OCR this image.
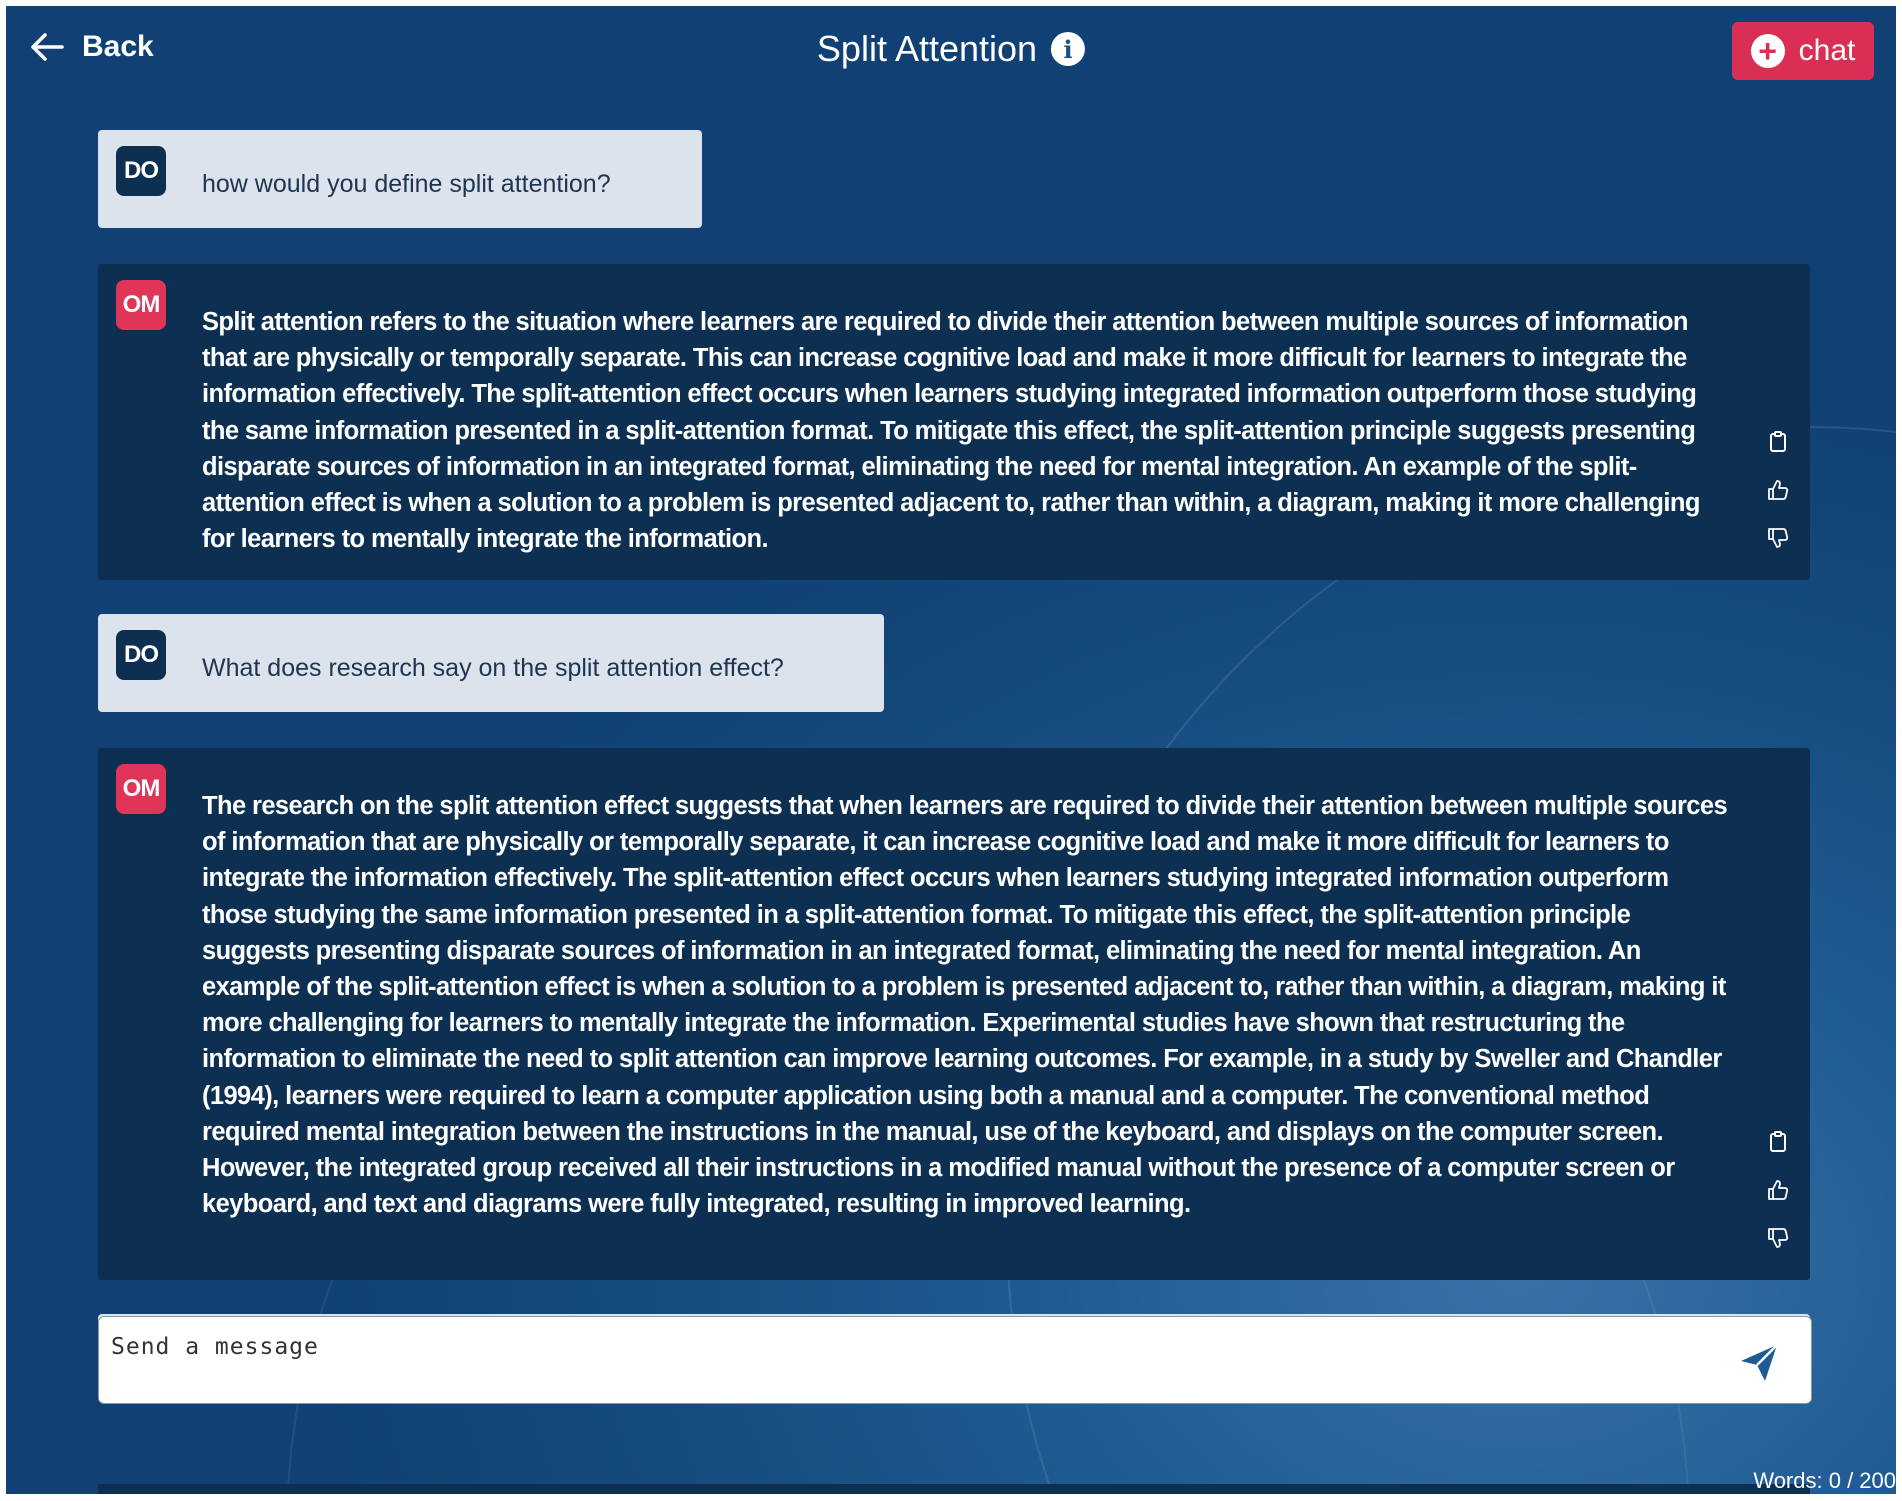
Back	Split Attention	i	+ chat
DO	how would you define split attention?
OM
Split attention refers to the situation where learners are required to divide their attention between multiple sources of information that are physically or temporally separate. This can increase cognitive load and make it more difficult for learners to integrate the information effectively. The split-attention effect occurs when learners studying integrated information outperform those studying the same information presented in a split-attention format. To mitigate this effect, the split-attention principle suggests presenting disparate sources of information in an integrated format, eliminating the need for mental integration. An example of the split-attention effect is when a solution to a problem is presented adjacent to, rather than within, a diagram, making it more challenging for learners to mentally integrate the information.
DO	What does research say on the split attention effect?
OM
The research on the split attention effect suggests that when learners are required to divide their attention between multiple sources of information that are physically or temporally separate, it can increase cognitive load and make it more difficult for learners to integrate the information effectively. The split-attention effect occurs when learners studying integrated information outperform those studying the same information presented in a split-attention format. To mitigate this effect, the split-attention principle suggests presenting disparate sources of information in an integrated format, eliminating the need for mental integration. An example of the split-attention effect is when a solution to a problem is presented adjacent to, rather than within, a diagram, making it more challenging for learners to mentally integrate the information. Experimental studies have shown that restructuring the information to eliminate the need to split attention can improve learning outcomes. For example, in a study by Sweller and Chandler (1994), learners were required to learn a computer application using both a manual and a computer. The conventional method required mental integration between the instructions in the manual, use of the keyboard, and displays on the computer screen. However, the integrated group received all their instructions in a modified manual without the presence of a computer screen or keyboard, and text and diagrams were fully integrated, resulting in improved learning.
Send a message
Words: 0 / 200
